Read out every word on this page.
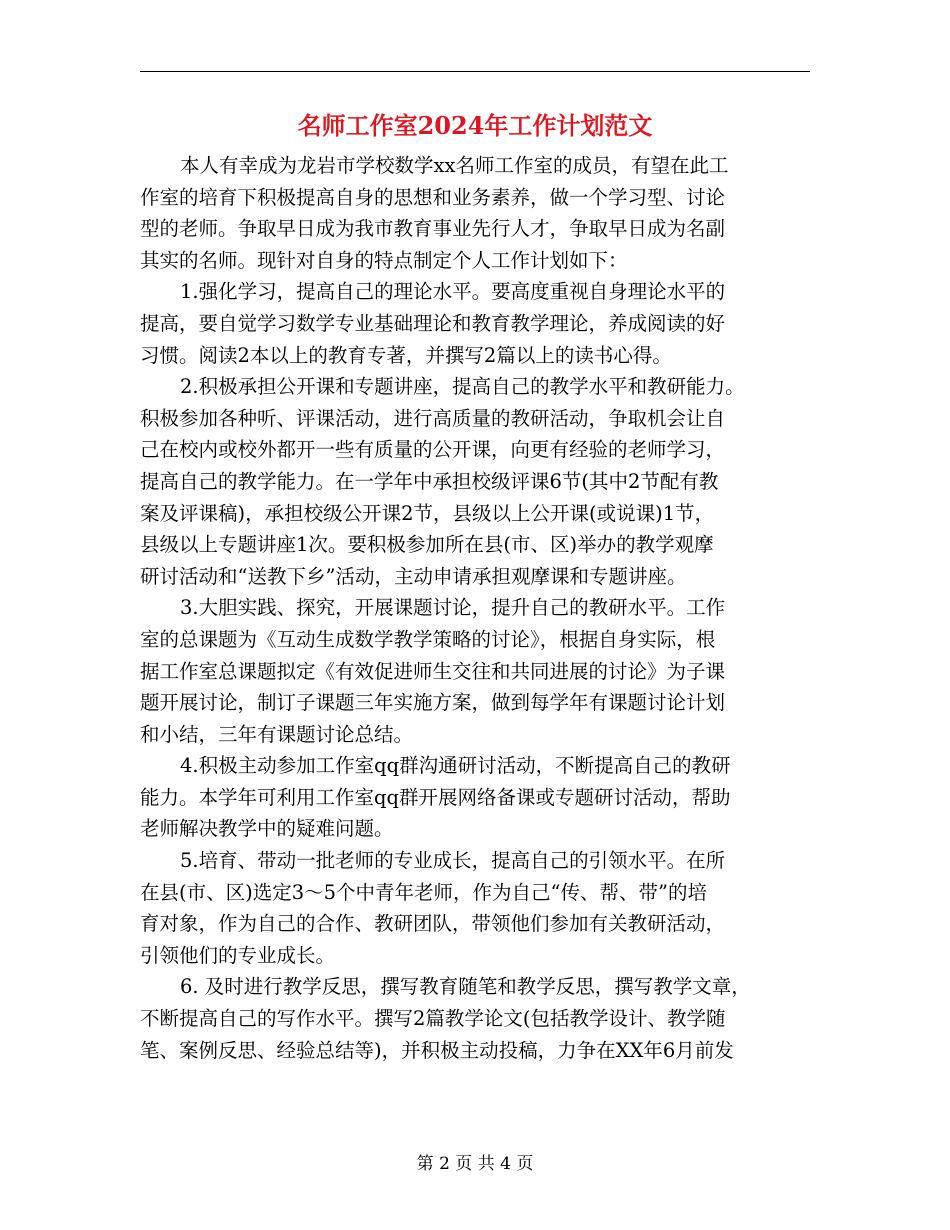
名师工作室2024年工作计划范文

本人有幸成为龙岩市学校数学xx名师工作室的成员，有望在此工

作室的培育下积极提高自身的思想和业务素养，做一个学习型、讨论

型的老师。争取早日成为我市教育事业先行人才，争取早日成为名副

其实的名师。现针对自身的特点制定个人工作计划如下：

1.强化学习，提高自己的理论水平。要高度重视自身理论水平的

提高，要自觉学习数学专业基础理论和教育教学理论，养成阅读的好

习惯。阅读2本以上的教育专著，并撰写2篇以上的读书心得。

2.积极承担公开课和专题讲座，提高自己的教学水平和教研能力。

积极参加各种听、评课活动，进行高质量的教研活动，争取机会让自

己在校内或校外都开一些有质量的公开课，向更有经验的老师学习，

提高自己的教学能力。在一学年中承担校级评课6节(其中2节配有教

案及评课稿)，承担校级公开课2节，县级以上公开课(或说课)1节，

县级以上专题讲座1次。要积极参加所在县(市、区)举办的教学观摩

研讨活动和“送教下乡”活动，主动申请承担观摩课和专题讲座。

3.大胆实践、探究，开展课题讨论，提升自己的教研水平。工作

室的总课题为《互动生成数学教学策略的讨论》，根据自身实际，根

据工作室总课题拟定《有效促进师生交往和共同进展的讨论》为子课

题开展讨论，制订子课题三年实施方案，做到每学年有课题讨论计划

和小结，三年有课题讨论总结。

4.积极主动参加工作室qq群沟通研讨活动，不断提高自己的教研

能力。本学年可利用工作室qq群开展网络备课或专题研讨活动，帮助

老师解决教学中的疑难问题。

5.培育、带动一批老师的专业成长，提高自己的引领水平。在所

在县(市、区)选定3～5个中青年老师，作为自己“传、帮、带”的培

育对象，作为自己的合作、教研团队，带领他们参加有关教研活动，

引领他们的专业成长。

6. 及时进行教学反思，撰写教育随笔和教学反思，撰写教学文章，

不断提高自己的写作水平。撰写2篇教学论文(包括教学设计、教学随

笔、案例反思、经验总结等)，并积极主动投稿，力争在XX年6月前发

第 2 页 共 4 页
